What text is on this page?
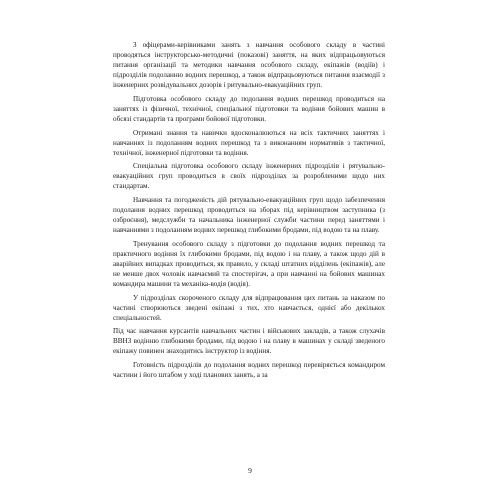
З офіцерами-керівниками занять з навчання особового складу в частині проводяться інструкторсько-методичні (показові) заняття, на яких відпрацьовуються питання організації та методики навчання особового складу, екіпажів (водіїв) і підрозділів подоланню водних перешкод, а також відпрацьовуються питання взаємодії з інженерних розвідувальних дозорів і ритувально-евакуаційних груп.

Підготовка особового складу до подолання водних перешкод проводиться на заняттях із фізичної, технічної, спеціальної підготовки та водіння бойових машин в обсязі стандартів та програми бойової підготовки.

Отримані знання та навички вдосконалюються на всіх тактичних заняттях і навчаннях із подоланням водних перешкод та з виконанням нормативів з тактичної, технічної, інженерної підготовки та водіння.

Спеціальна підготовка особового складу інженерних підрозділів і рятувально-евакуаційних груп проводиться в своїх підрозділах за розробленими щодо них стандартам.

Навчання та погодженість дій рятувально-евакуаційних груп щодо забезпечення подолання водних перешкод проводиться на зборах під керівництвом заступника (з озброєння), медслужби та начальника інженерної служби частини перед заняттями і навчаннями з подоланням водних перешкод глибокими бродами, під водою та на плаву.

Тренування особового складу з підготовки до подолання водних перешкод та практичного водіння їх глибокими бродами, під водою і на плаву, а також щодо дій в аварійних випадках проводиться, як правило, у складі штатних відділень (екіпажів), але не менше двох чоловік навчаємий та спостерігач, а при навчанні на бойових машинах командира машини та механіка-водія (водія).

У підрозділах скороченого складу для відпрацювання цих питань за наказом по частині створюються зведені екіпажі з тих, хто навчається, однієї або декількох спеціальностей.

Під час навчання курсантів навчальних частин і військових закладів, а також слухачів ВВНЗ водінню глибокими бродами, під водою і на плаву в машинах у складі зведеного екіпажу повинен знаходитись інструктор із водіння.

Готовність підрозділів до подолання водних перешкод перевіряється командиром частини і його штабом у ході планових занять, а за

9
